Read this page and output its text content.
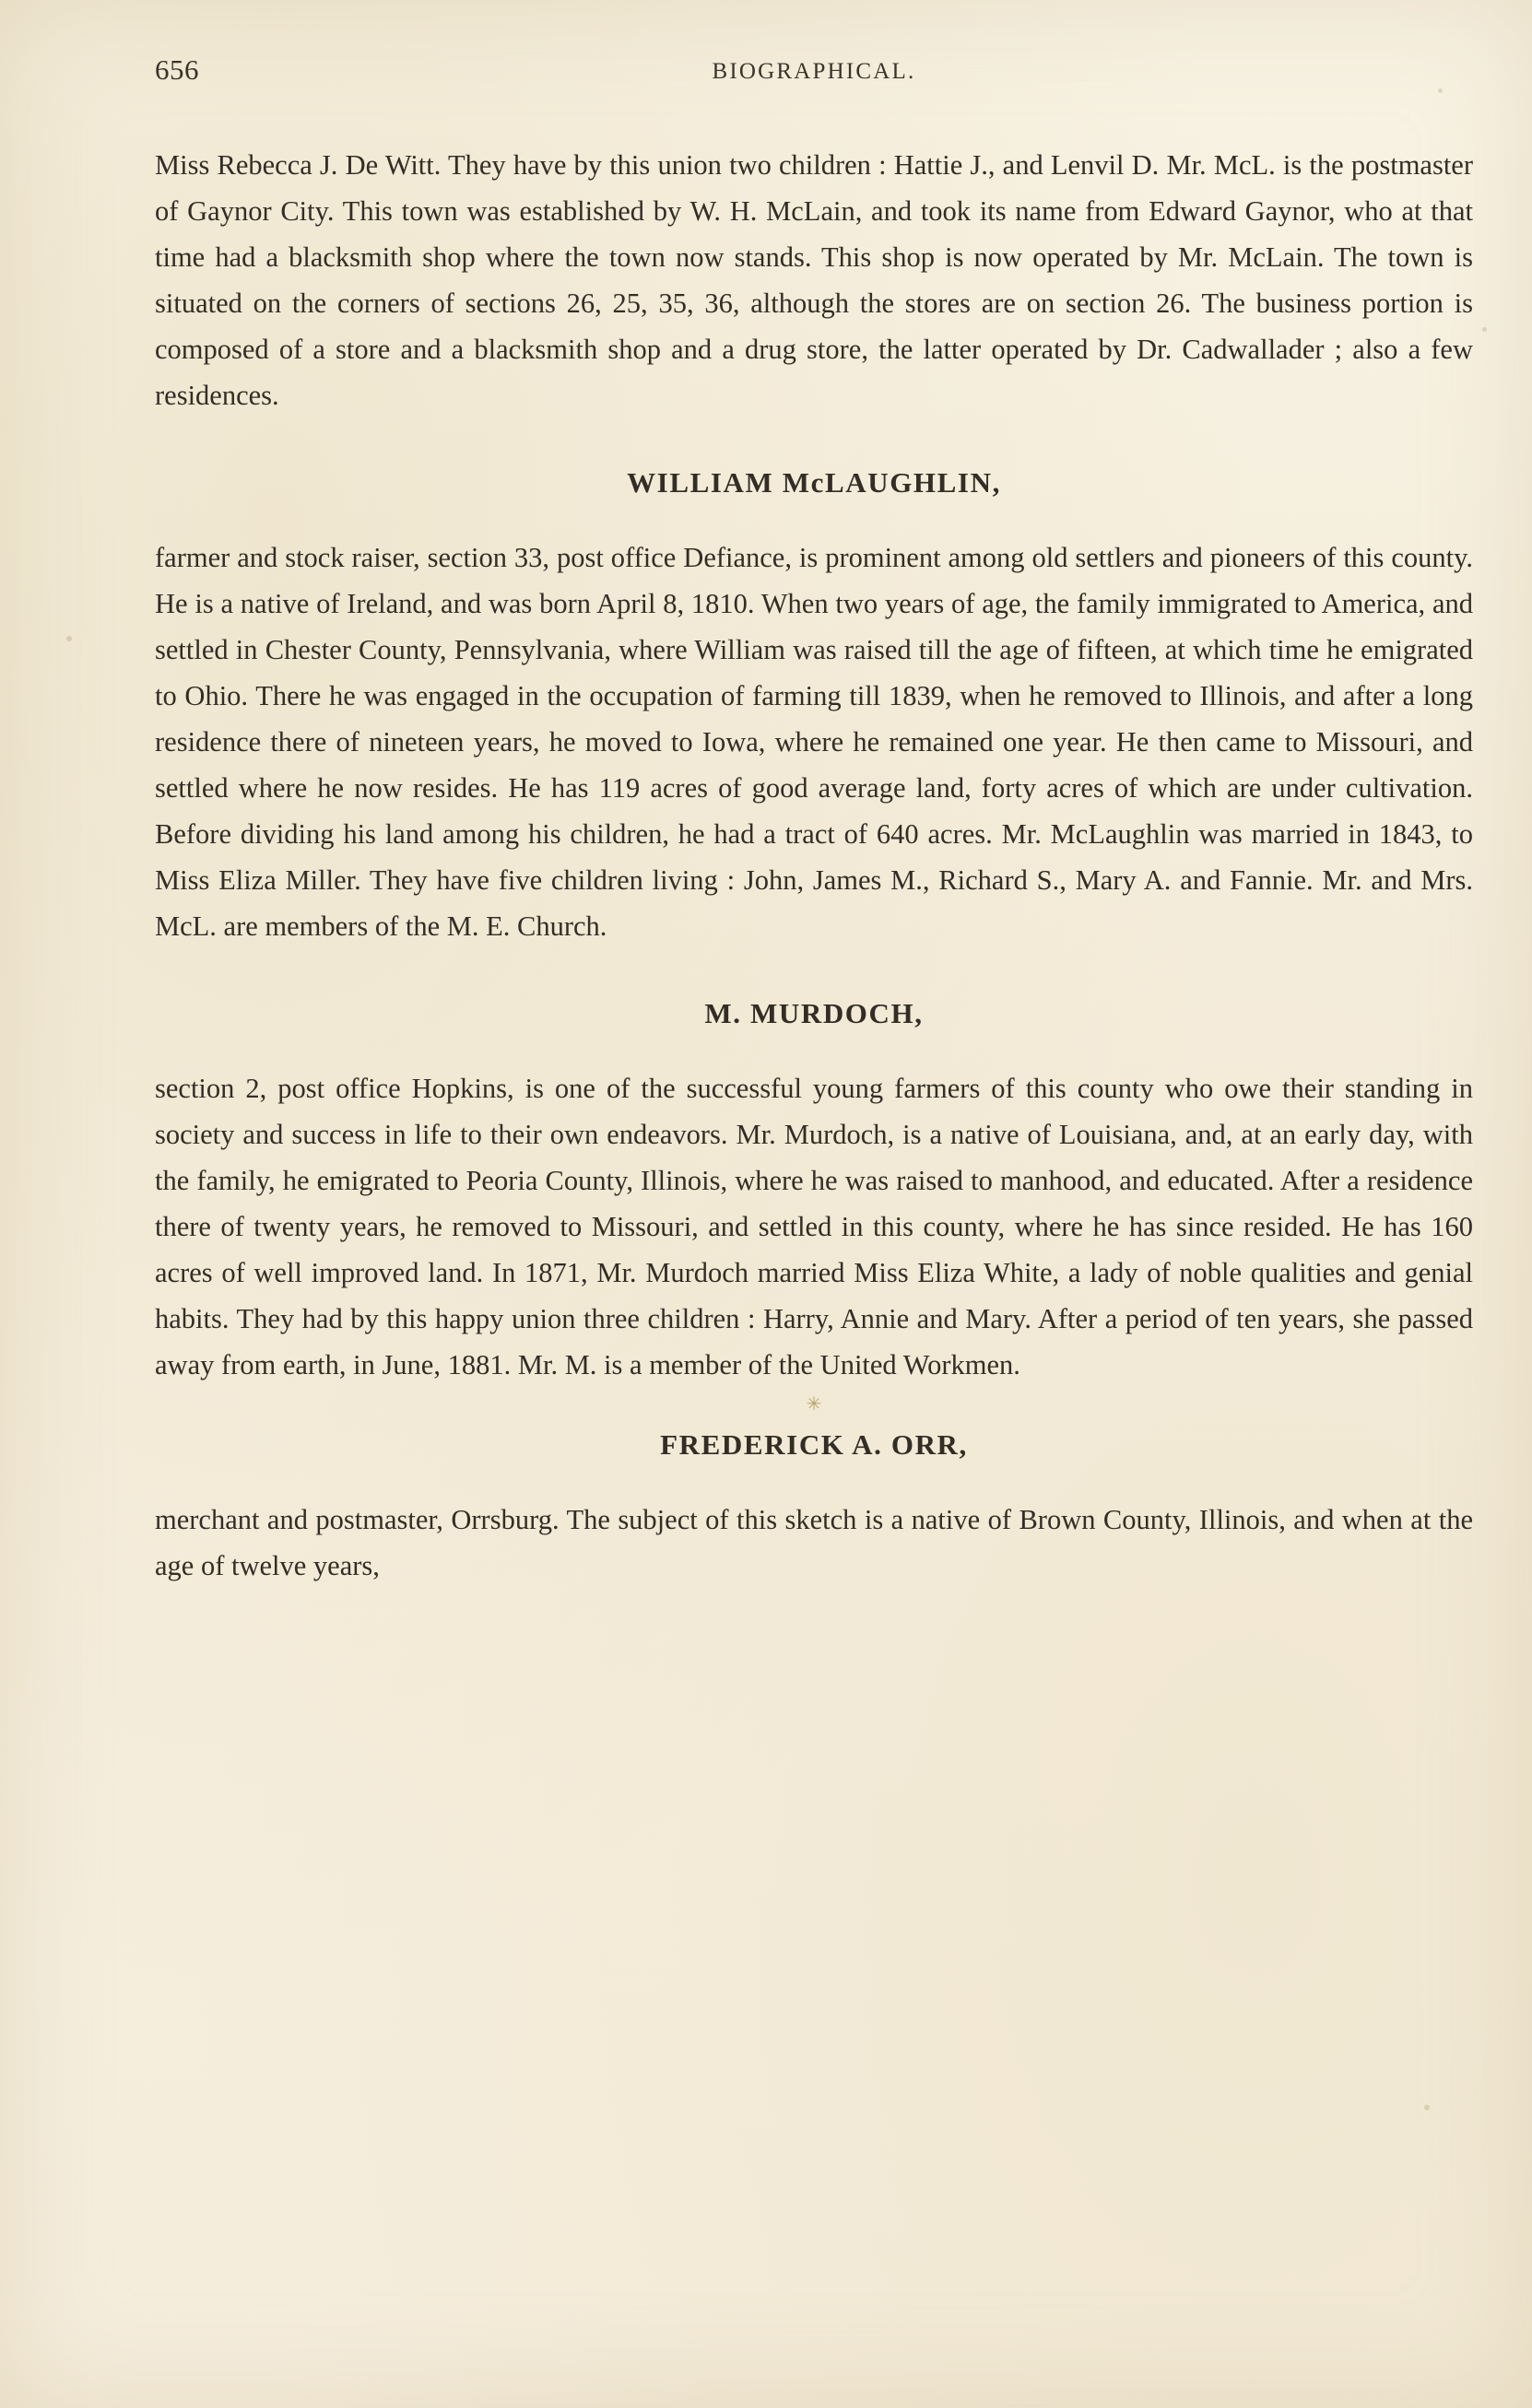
656	BIOGRAPHICAL.

Miss Rebecca J. De Witt. They have by this union two children : Hattie J., and Lenvil D. Mr. McL. is the postmaster of Gaynor City. This town was established by W. H. McLain, and took its name from Edward Gaynor, who at that time had a blacksmith shop where the town now stands. This shop is now operated by Mr. McLain. The town is situated on the corners of sections 26, 25, 35, 36, although the stores are on section 26. The business portion is composed of a store and a blacksmith shop and a drug store, the latter operated by Dr. Cadwallader ; also a few residences.

WILLIAM McLAUGHLIN,

farmer and stock raiser, section 33, post office Defiance, is prominent among old settlers and pioneers of this county. He is a native of Ireland, and was born April 8, 1810. When two years of age, the family immigrated to America, and settled in Chester County, Pennsylvania, where William was raised till the age of fifteen, at which time he emigrated to Ohio. There he was engaged in the occupation of farming till 1839, when he removed to Illinois, and after a long residence there of nineteen years, he moved to Iowa, where he remained one year. He then came to Missouri, and settled where he now resides. He has 119 acres of good average land, forty acres of which are under cultivation. Before dividing his land among his children, he had a tract of 640 acres. Mr. McLaughlin was married in 1843, to Miss Eliza Miller. They have five children living : John, James M., Richard S., Mary A. and Fannie. Mr. and Mrs. McL. are members of the M. E. Church.

M. MURDOCH,

section 2, post office Hopkins, is one of the successful young farmers of this county who owe their standing in society and success in life to their own endeavors. Mr. Murdoch, is a native of Louisiana, and, at an early day, with the family, he emigrated to Peoria County, Illinois, where he was raised to manhood, and educated. After a residence there of twenty years, he removed to Missouri, and settled in this county, where he has since resided. He has 160 acres of well improved land. In 1871, Mr. Murdoch married Miss Eliza White, a lady of noble qualities and genial habits. They had by this happy union three children : Harry, Annie and Mary. After a period of ten years, she passed away from earth, in June, 1881. Mr. M. is a member of the United Workmen.

✳
FREDERICK A. ORR,

merchant and postmaster, Orrsburg. The subject of this sketch is a native of Brown County, Illinois, and when at the age of twelve years,
